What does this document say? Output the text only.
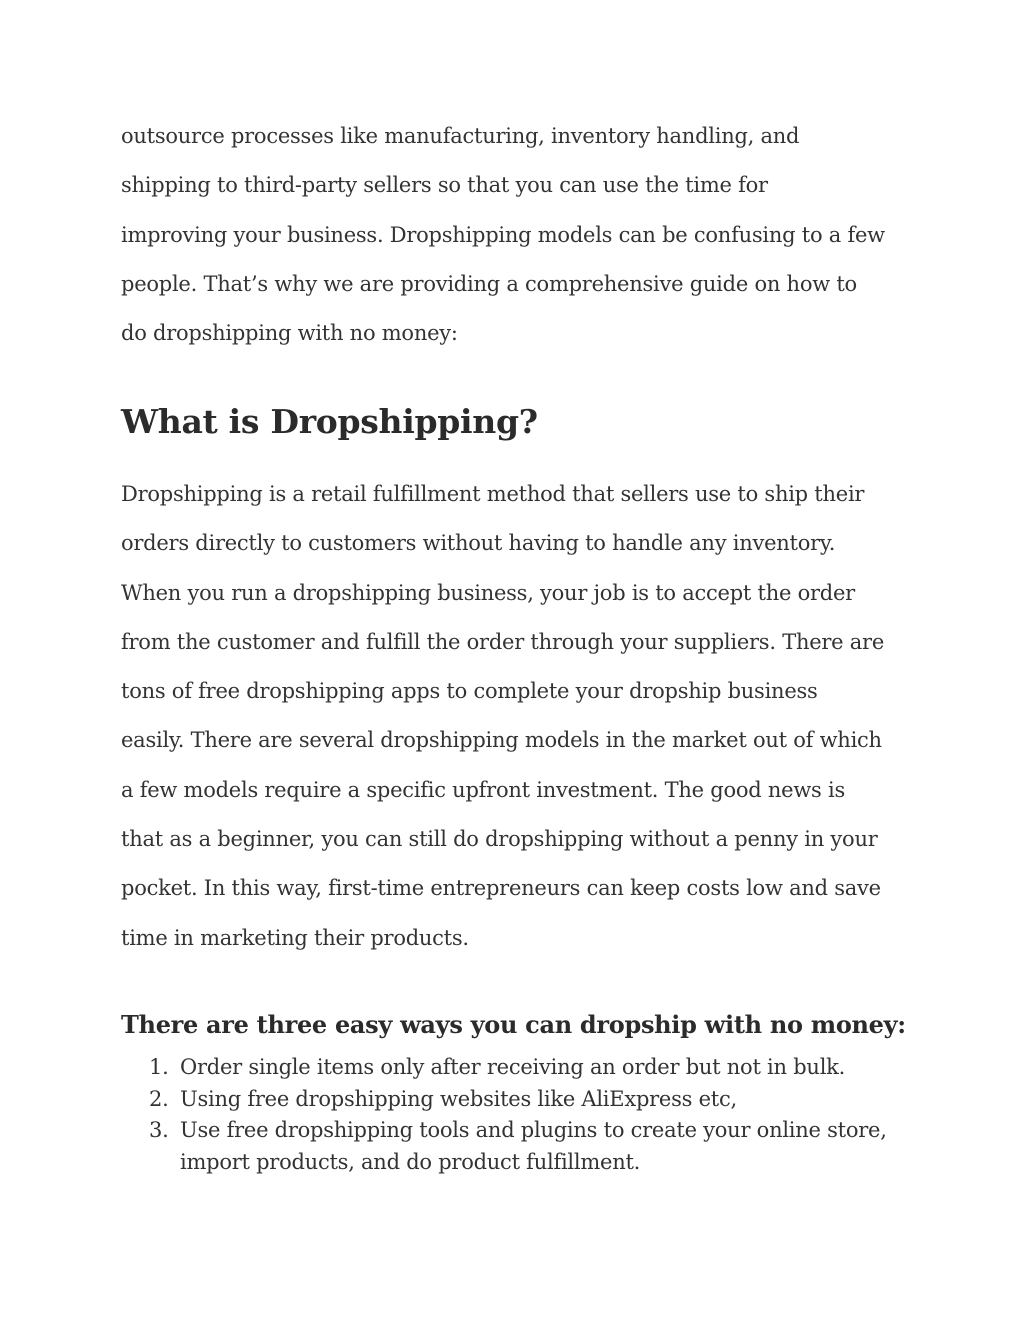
outsource processes like manufacturing, inventory handling, and
shipping to third-party sellers so that you can use the time for
improving your business. Dropshipping models can be confusing to a few
people. That’s why we are providing a comprehensive guide on how to
do dropshipping with no money:

What is Dropshipping?

Dropshipping is a retail fulfillment method that sellers use to ship their
orders directly to customers without having to handle any inventory.
When you run a dropshipping business, your job is to accept the order
from the customer and fulfill the order through your suppliers. There are
tons of free dropshipping apps to complete your dropship business
easily. There are several dropshipping models in the market out of which
a few models require a specific upfront investment. The good news is
that as a beginner, you can still do dropshipping without a penny in your
pocket. In this way, first-time entrepreneurs can keep costs low and save
time in marketing their products.

There are three easy ways you can dropship with no money:
1. Order single items only after receiving an order but not in bulk.
2. Using free dropshipping websites like AliExpress etc,
3. Use free dropshipping tools and plugins to create your online store,
import products, and do product fulfillment.
